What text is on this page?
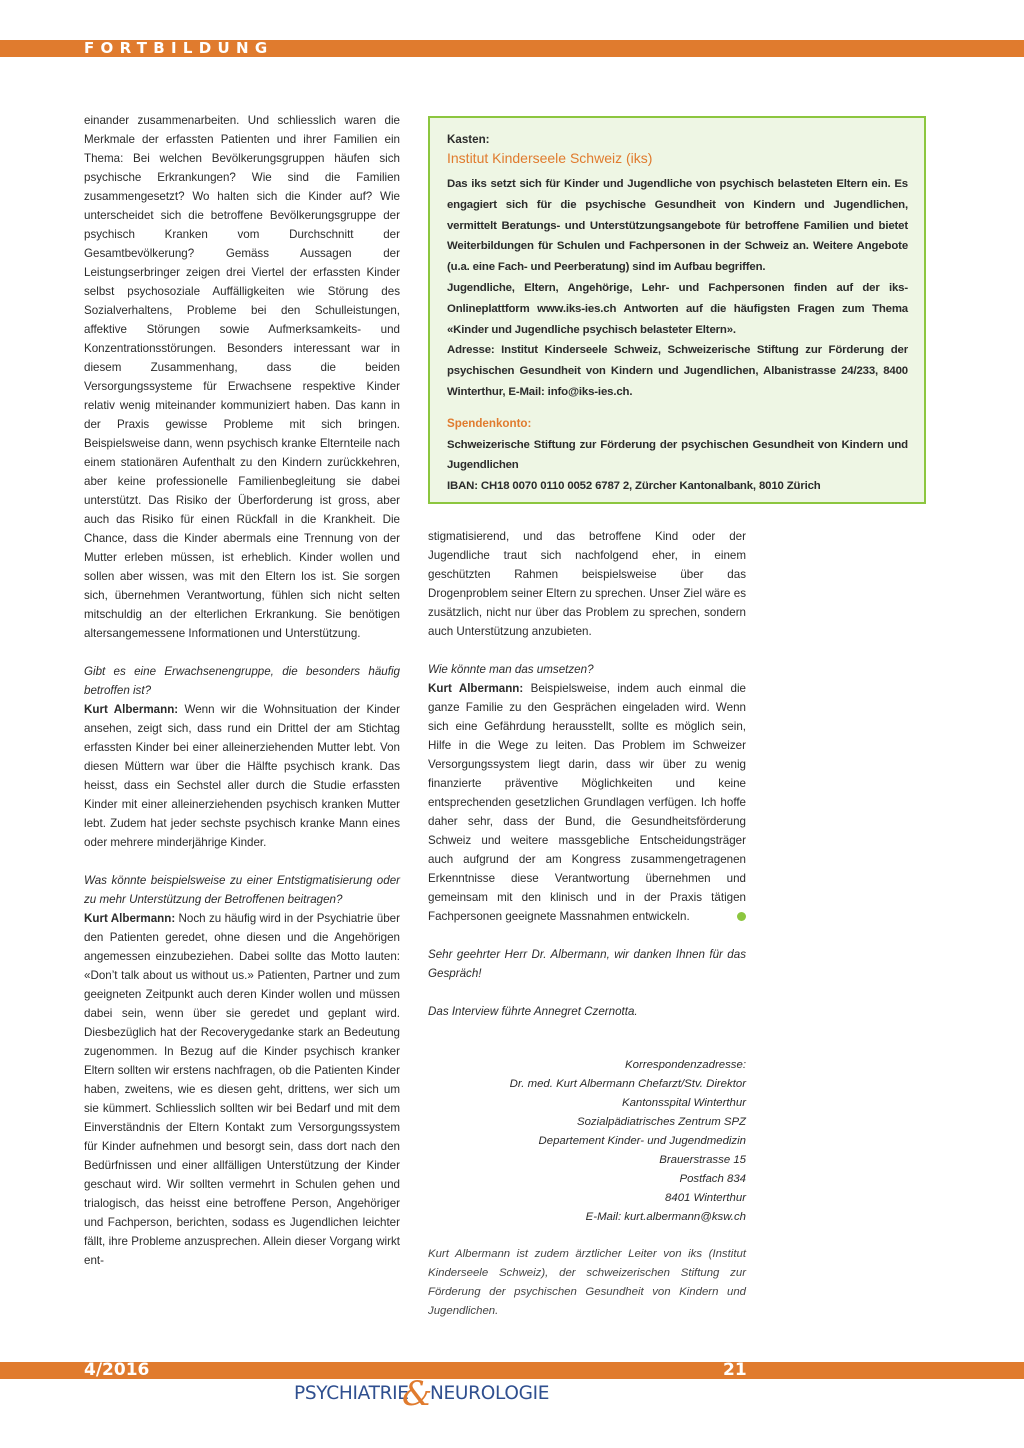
FORTBILDUNG

einander zusammenarbeiten. Und schliesslich waren die Merkmale der erfassten Patienten und ihrer Familien ein Thema: Bei welchen Bevölkerungsgruppen häufen sich psychische Erkrankungen? Wie sind die Familien zusammengesetzt? Wo halten sich die Kinder auf? Wie unterscheidet sich die betroffene Bevölkerungsgruppe der psychisch Kranken vom Durchschnitt der Gesamtbevölkerung? Gemäss Aussagen der Leistungserbringer zeigen drei Viertel der erfassten Kinder selbst psychosoziale Auffälligkeiten wie Störung des Sozialverhaltens, Probleme bei den Schulleistungen, affektive Störungen sowie Aufmerksamkeits- und Konzentrationsstörungen. Besonders interessant war in diesem Zusammenhang, dass die beiden Versorgungssysteme für Erwachsene respektive Kinder relativ wenig miteinander kommuniziert haben. Das kann in der Praxis gewisse Probleme mit sich bringen. Beispielsweise dann, wenn psychisch kranke Elternteile nach einem stationären Aufenthalt zu den Kindern zurückkehren, aber keine professionelle Familienbegleitung sie dabei unterstützt. Das Risiko der Überforderung ist gross, aber auch das Risiko für einen Rückfall in die Krankheit. Die Chance, dass die Kinder abermals eine Trennung von der Mutter erleben müssen, ist erheblich. Kinder wollen und sollen aber wissen, was mit den Eltern los ist. Sie sorgen sich, übernehmen Verantwortung, fühlen sich nicht selten mitschuldig an der elterlichen Erkrankung. Sie benötigen altersangemessene Informationen und Unterstützung.

Gibt es eine Erwachsenengruppe, die besonders häufig betroffen ist?

Kurt Albermann: Wenn wir die Wohnsituation der Kinder ansehen, zeigt sich, dass rund ein Drittel der am Stichtag erfassten Kinder bei einer alleinerziehenden Mutter lebt. Von diesen Müttern war über die Hälfte psychisch krank. Das heisst, dass ein Sechstel aller durch die Studie erfassten Kinder mit einer alleinerziehenden psychisch kranken Mutter lebt. Zudem hat jeder sechste psychisch kranke Mann eines oder mehrere minderjährige Kinder.

Was könnte beispielsweise zu einer Entstigmatisierung oder zu mehr Unterstützung der Betroffenen beitragen?

Kurt Albermann: Noch zu häufig wird in der Psychiatrie über den Patienten geredet, ohne diesen und die Angehörigen angemessen einzubeziehen. Dabei sollte das Motto lauten: «Don’t talk about us without us.» Patienten, Partner und zum geeigneten Zeitpunkt auch deren Kinder wollen und müssen dabei sein, wenn über sie geredet und geplant wird. Diesbezüglich hat der Recoverygedanke stark an Bedeutung zugenommen. In Bezug auf die Kinder psychisch kranker Eltern sollten wir erstens nachfragen, ob die Patienten Kinder haben, zweitens, wie es diesen geht, drittens, wer sich um sie kümmert. Schliesslich sollten wir bei Bedarf und mit dem Einverständnis der Eltern Kontakt zum Versorgungssystem für Kinder aufnehmen und besorgt sein, dass dort nach den Bedürfnissen und einer allfälligen Unterstützung der Kinder geschaut wird. Wir sollten vermehrt in Schulen gehen und trialogisch, das heisst eine betroffene Person, Angehöriger und Fachperson, berichten, sodass es Jugendlichen leichter fällt, ihre Probleme anzusprechen. Allein dieser Vorgang wirkt ent-

Kasten:
Institut Kinderseele Schweiz (iks)

Das iks setzt sich für Kinder und Jugendliche von psychisch belasteten Eltern ein. Es engagiert sich für die psychische Gesundheit von Kindern und Jugendlichen, vermittelt Beratungs- und Unterstützungsangebote für betroffene Familien und bietet Weiterbildungen für Schulen und Fachpersonen in der Schweiz an. Weitere Angebote (u.a. eine Fach- und Peerberatung) sind im Aufbau begriffen.

Jugendliche, Eltern, Angehörige, Lehr- und Fachpersonen finden auf der iks-Onlineplattform www.iks-ies.ch Antworten auf die häufigsten Fragen zum Thema «Kinder und Jugendliche psychisch belasteter Eltern».

Adresse: Institut Kinderseele Schweiz, Schweizerische Stiftung zur Förderung der psychischen Gesundheit von Kindern und Jugendlichen, Albanistrasse 24/233, 8400 Winterthur, E-Mail: info@iks-ies.ch.

Spendenkonto:

Schweizerische Stiftung zur Förderung der psychischen Gesundheit von Kindern und Jugendlichen

IBAN: CH18 0070 0110 0052 6787 2, Zürcher Kantonalbank, 8010 Zürich

stigmatisierend, und das betroffene Kind oder der Jugendliche traut sich nachfolgend eher, in einem geschützten Rahmen beispielsweise über das Drogenproblem seiner Eltern zu sprechen. Unser Ziel wäre es zusätzlich, nicht nur über das Problem zu sprechen, sondern auch Unterstützung anzubieten.

Wie könnte man das umsetzen?

Kurt Albermann: Beispielsweise, indem auch einmal die ganze Familie zu den Gesprächen eingeladen wird. Wenn sich eine Gefährdung herausstellt, sollte es möglich sein, Hilfe in die Wege zu leiten. Das Problem im Schweizer Versorgungssystem liegt darin, dass wir über zu wenig finanzierte präventive Möglichkeiten und keine entsprechenden gesetzlichen Grundlagen verfügen. Ich hoffe daher sehr, dass der Bund, die Gesundheitsförderung Schweiz und weitere massgebliche Entscheidungsträger auch aufgrund der am Kongress zusammengetragenen Erkenntnisse diese Verantwortung übernehmen und gemeinsam mit den klinisch und in der Praxis tätigen Fachpersonen geeignete Massnahmen entwickeln.

Sehr geehrter Herr Dr. Albermann, wir danken Ihnen für das Gespräch!

Das Interview führte Annegret Czernotta.

Korrespondenzadresse:

Dr. med. Kurt Albermann Chefarzt/Stv. Direktor

Kantonsspital Winterthur

Sozialpädiatrisches Zentrum SPZ

Departement Kinder- und Jugendmedizin

Brauerstrasse 15

Postfach 834

8401 Winterthur

E-Mail: kurt.albermann@ksw.ch

Kurt Albermann ist zudem ärztlicher Leiter von iks (Institut Kinderseele Schweiz), der schweizerischen Stiftung zur Förderung der psychischen Gesundheit von Kindern und Jugendlichen.
4/2016	21
PSYCHIATRIE
&
NEUROLOGIE
